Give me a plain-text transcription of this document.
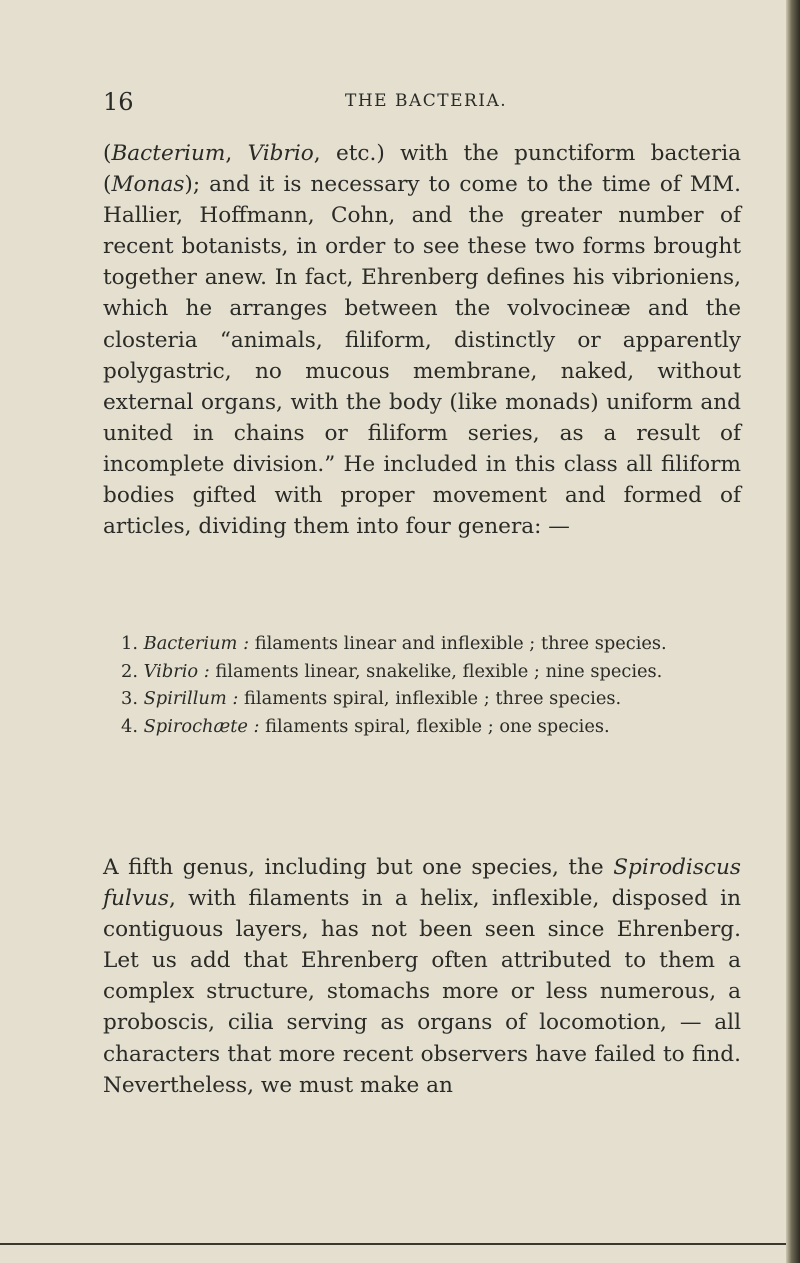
16	THE BACTERIA.

(Bacterium, Vibrio, etc.) with the punctiform bacteria (Monas); and it is necessary to come to the time of MM. Hallier, Hoffmann, Cohn, and the greater number of recent botanists, in order to see these two forms brought together anew. In fact, Ehrenberg defines his vibrioniens, which he arranges between the volvocineæ and the closteria “animals, filiform, distinctly or apparently polygastric, no mucous membrane, naked, without external organs, with the body (like monads) uniform and united in chains or filiform series, as a result of incomplete division.” He included in this class all filiform bodies gifted with proper movement and formed of articles, dividing them into four genera: —

1. Bacterium : filaments linear and inflexible ; three species.

2. Vibrio : filaments linear, snakelike, flexible ; nine species.

3. Spirillum : filaments spiral, inflexible ; three species.

4. Spirochæte : filaments spiral, flexible ; one species.

A fifth genus, including but one species, the Spirodiscus fulvus, with filaments in a helix, inflexible, disposed in contiguous layers, has not been seen since Ehrenberg. Let us add that Ehrenberg often attributed to them a complex structure, stomachs more or less numerous, a proboscis, cilia serving as organs of locomotion, — all characters that more recent observers have failed to find. Nevertheless, we must make an
